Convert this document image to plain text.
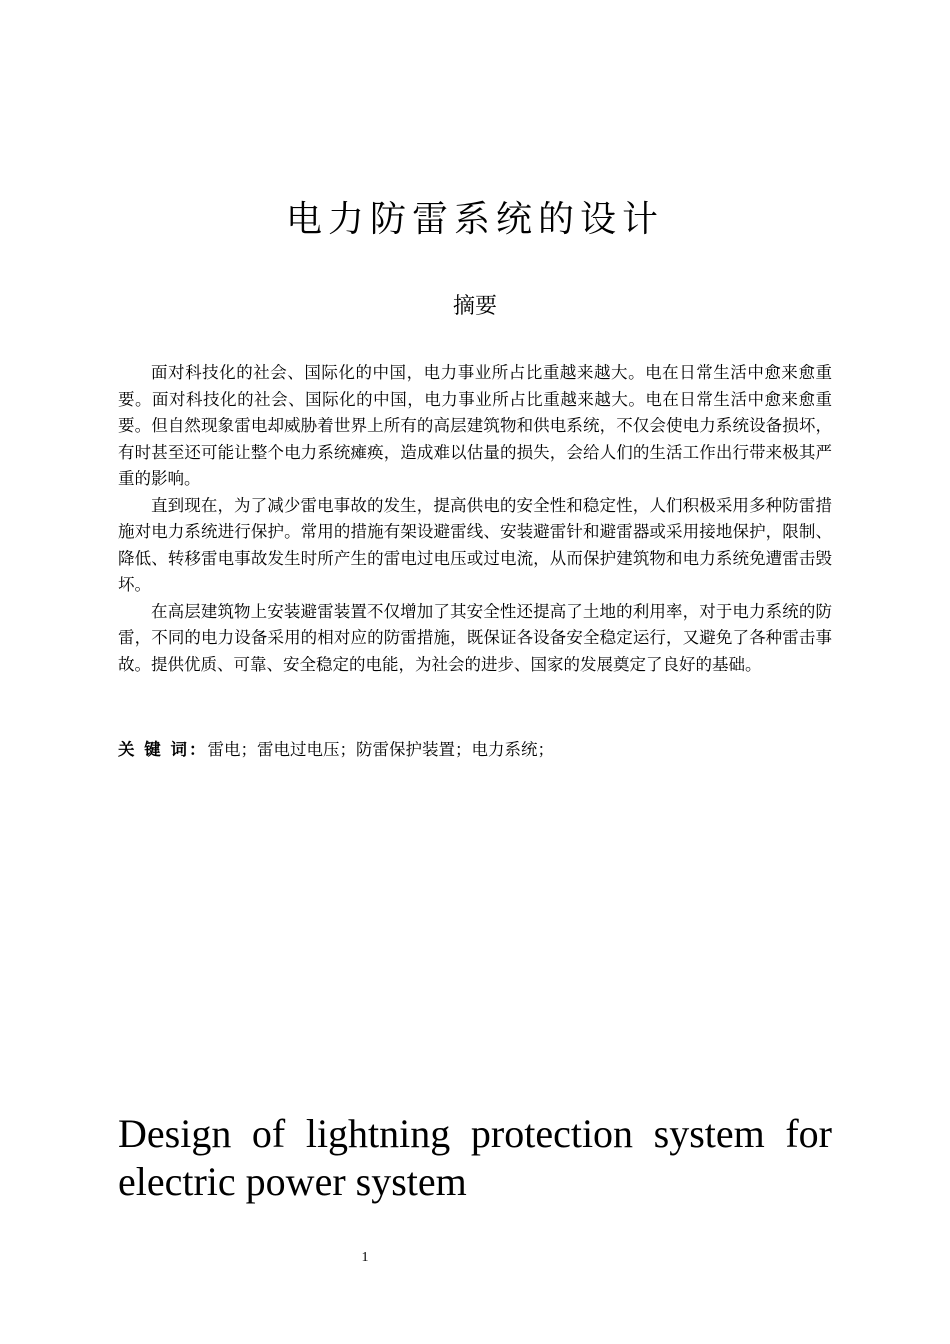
电力防雷系统的设计
摘要

面对科技化的社会、国际化的中国，电力事业所占比重越来越大。电在日常生活中愈来愈重要。面对科技化的社会、国际化的中国，电力事业所占比重越来越大。电在日常生活中愈来愈重要。但自然现象雷电却威胁着世界上所有的高层建筑物和供电系统，不仅会使电力系统设备损坏，有时甚至还可能让整个电力系统瘫痪，造成难以估量的损失，会给人们的生活工作出行带来极其严重的影响。

直到现在，为了减少雷电事故的发生，提高供电的安全性和稳定性，人们积极采用多种防雷措施对电力系统进行保护。常用的措施有架设避雷线、安装避雷针和避雷器或采用接地保护，限制、降低、转移雷电事故发生时所产生的雷电过电压或过电流，从而保护建筑物和电力系统免遭雷击毁坏。

在高层建筑物上安装避雷装置不仅增加了其安全性还提高了土地的利用率，对于电力系统的防雷，不同的电力设备采用的相对应的防雷措施，既保证各设备安全稳定运行，又避免了各种雷击事故。提供优质、可靠、安全稳定的电能，为社会的进步、国家的发展奠定了良好的基础。

关 键 词：雷电；雷电过电压；防雷保护装置；电力系统；
Design of lightning protection system for electric power system
1
